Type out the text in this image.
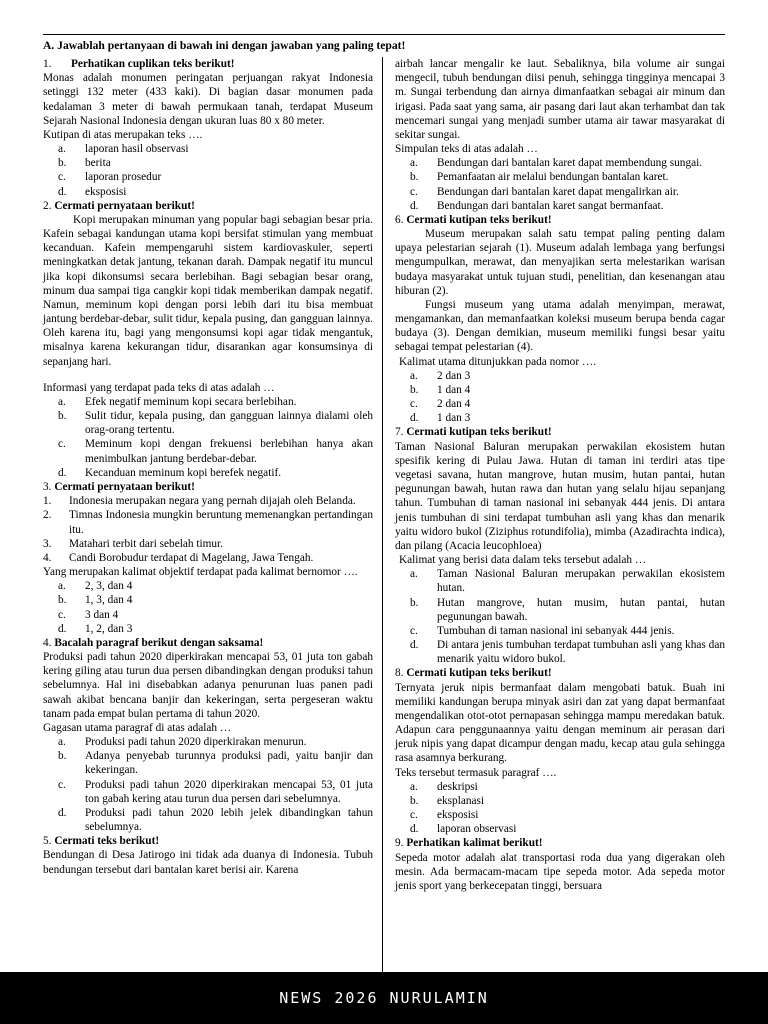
A. Jawablah pertanyaan di bawah ini dengan jawaban yang paling tepat!

1. Perhatikan cuplikan teks berikut!

Monas adalah monumen peringatan perjuangan rakyat Indonesia setinggi 132 meter (433 kaki). Di bagian dasar monumen pada kedalaman 3 meter di bawah permukaan tanah, terdapat Museum Sejarah Nasional Indonesia dengan ukuran luas 80 x 80 meter.

Kutipan di atas merupakan teks ….

a.	laporan hasil observasi
b.	berita
c.	laporan prosedur
d.	eksposisi

2. Cermati pernyataan berikut!

Kopi merupakan minuman yang popular bagi sebagian besar pria. Kafein sebagai kandungan utama kopi bersifat stimulan yang membuat kecanduan. Kafein mempengaruhi sistem kardiovaskuler, seperti meningkatkan detak jantung, tekanan darah. Dampak negatif itu muncul jika kopi dikonsumsi secara berlebihan. Bagi sebagian besar orang, minum dua sampai tiga cangkir kopi tidak memberikan dampak negatif. Namun, meminum kopi dengan porsi lebih dari itu bisa membuat jantung berdebar-debar, sulit tidur, kepala pusing, dan gangguan lainnya. Oleh karena itu, bagi yang mengonsumsi kopi agar tidak mengantuk, misalnya karena kekurangan tidur, disarankan agar konsumsinya di sepanjang hari.

Informasi yang terdapat pada teks di atas adalah …

a.	Efek negatif meminum kopi secara berlebihan.
b.	Sulit tidur, kepala pusing, dan gangguan lainnya dialami oleh orag-orang tertentu.
c.	Meminum kopi dengan frekuensi berlebihan hanya akan menimbulkan jantung berdebar-debar.
d.	Kecanduan meminum kopi berefek negatif.

3. Cermati pernyataan berikut!

1.	Indonesia merupakan negara yang pernah dijajah oleh Belanda.
2.	Timnas Indonesia mungkin beruntung memenangkan pertandingan itu.
3.	Matahari terbit dari sebelah timur.
4.	Candi Borobudur terdapat di Magelang, Jawa Tengah.

Yang merupakan kalimat objektif terdapat pada kalimat bernomor ….

a.	2, 3, dan 4
b.	1, 3, dan 4
c.	3 dan 4
d.	1, 2, dan 3

4. Bacalah paragraf berikut dengan saksama!

Produksi padi tahun 2020 diperkirakan mencapai 53, 01 juta ton gabah kering giling atau turun dua persen dibandingkan dengan produksi tahun sebelumnya. Hal ini disebabkan adanya penurunan luas panen padi sawah akibat bencana banjir dan kekeringan, serta pergeseran waktu tanam pada empat bulan pertama di tahun 2020.

Gagasan utama paragraf di atas adalah …

a.	Produksi padi tahun 2020 diperkirakan menurun.
b.	Adanya penyebab turunnya produksi padi, yaitu banjir dan kekeringan.
c.	Produksi padi tahun 2020 diperkirakan mencapai 53, 01 juta ton gabah kering atau turun dua persen dari sebelumnya.
d.	Produksi padi tahun 2020 lebih jelek dibandingkan tahun sebelumnya.

5. Cermati teks berikut!

Bendungan di Desa Jatirogo ini tidak ada duanya di Indonesia. Tubuh bendungan tersebut dari bantalan karet berisi air. Karena

airbah lancar mengalir ke laut. Sebaliknya, bila volume air sungai mengecil, tubuh bendungan diisi penuh, sehingga tingginya mencapai 3 m. Sungai terbendung dan airnya dimanfaatkan sebagai air minum dan irigasi. Pada saat yang sama, air pasang dari laut akan terhambat dan tak mencemari sungai yang menjadi sumber utama air tawar masyarakat di sekitar sungai.

Simpulan teks di atas adalah …

a.	Bendungan dari bantalan karet dapat membendung sungai.
b.	Pemanfaatan air melalui bendungan bantalan karet.
c.	Bendungan dari bantalan karet dapat mengalirkan air.
d.	Bendungan dari bantalan karet sangat bermanfaat.

6. Cermati kutipan teks berikut!

Museum merupakan salah satu tempat paling penting dalam upaya pelestarian sejarah (1). Museum adalah lembaga yang berfungsi mengumpulkan, merawat, dan menyajikan serta melestarikan warisan budaya masyarakat untuk tujuan studi, penelitian, dan kesenangan atau hiburan (2).

Fungsi museum yang utama adalah menyimpan, merawat, mengamankan, dan memanfaatkan koleksi museum berupa benda cagar budaya (3). Dengan demikian, museum memiliki fungsi besar yaitu sebagai tempat pelestarian (4).

Kalimat utama ditunjukkan pada nomor ….

a.	2 dan 3
b.	1 dan 4
c.	2 dan 4
d.	1 dan 3

7. Cermati kutipan teks berikut!

Taman Nasional Baluran merupakan perwakilan ekosistem hutan spesifik kering di Pulau Jawa. Hutan di taman ini terdiri atas tipe vegetasi savana, hutan mangrove, hutan musim, hutan pantai, hutan pegunungan bawah, hutan rawa dan hutan yang selalu hijau sepanjang tahun. Tumbuhan di taman nasional ini sebanyak 444 jenis. Di antara jenis tumbuhan di sini terdapat tumbuhan asli yang khas dan menarik yaitu widoro bukol (Ziziphus rotundifolia), mimba (Azadirachta indica), dan pilang (Acacia leucophloea)

Kalimat yang berisi data dalam teks tersebut adalah …

a.	Taman Nasional Baluran merupakan perwakilan ekosistem hutan.
b.	Hutan mangrove, hutan musim, hutan pantai, hutan pegunungan bawah.
c.	Tumbuhan di taman nasional ini sebanyak 444 jenis.
d.	Di antara jenis tumbuhan terdapat tumbuhan asli yang khas dan menarik yaitu widoro bukol.

8. Cermati kutipan teks berikut!

Ternyata jeruk nipis bermanfaat dalam mengobati batuk. Buah ini memiliki kandungan berupa minyak asiri dan zat yang dapat bermanfaat mengendalikan otot-otot pernapasan sehingga mampu meredakan batuk. Adapun cara penggunaannya yaitu dengan meminum air perasan dari jeruk nipis yang dapat dicampur dengan madu, kecap atau gula sehingga rasa asamnya berkurang.

Teks tersebut termasuk paragraf ….

a.	deskripsi
b.	eksplanasi
c.	eksposisi
d.	laporan observasi

9. Perhatikan kalimat berikut!

Sepeda motor adalah alat transportasi roda dua yang digerakan oleh mesin. Ada bermacam-macam tipe sepeda motor. Ada sepeda motor jenis sport yang berkecepatan tinggi, bersuara

NEWS 2026 NURULAMIN
